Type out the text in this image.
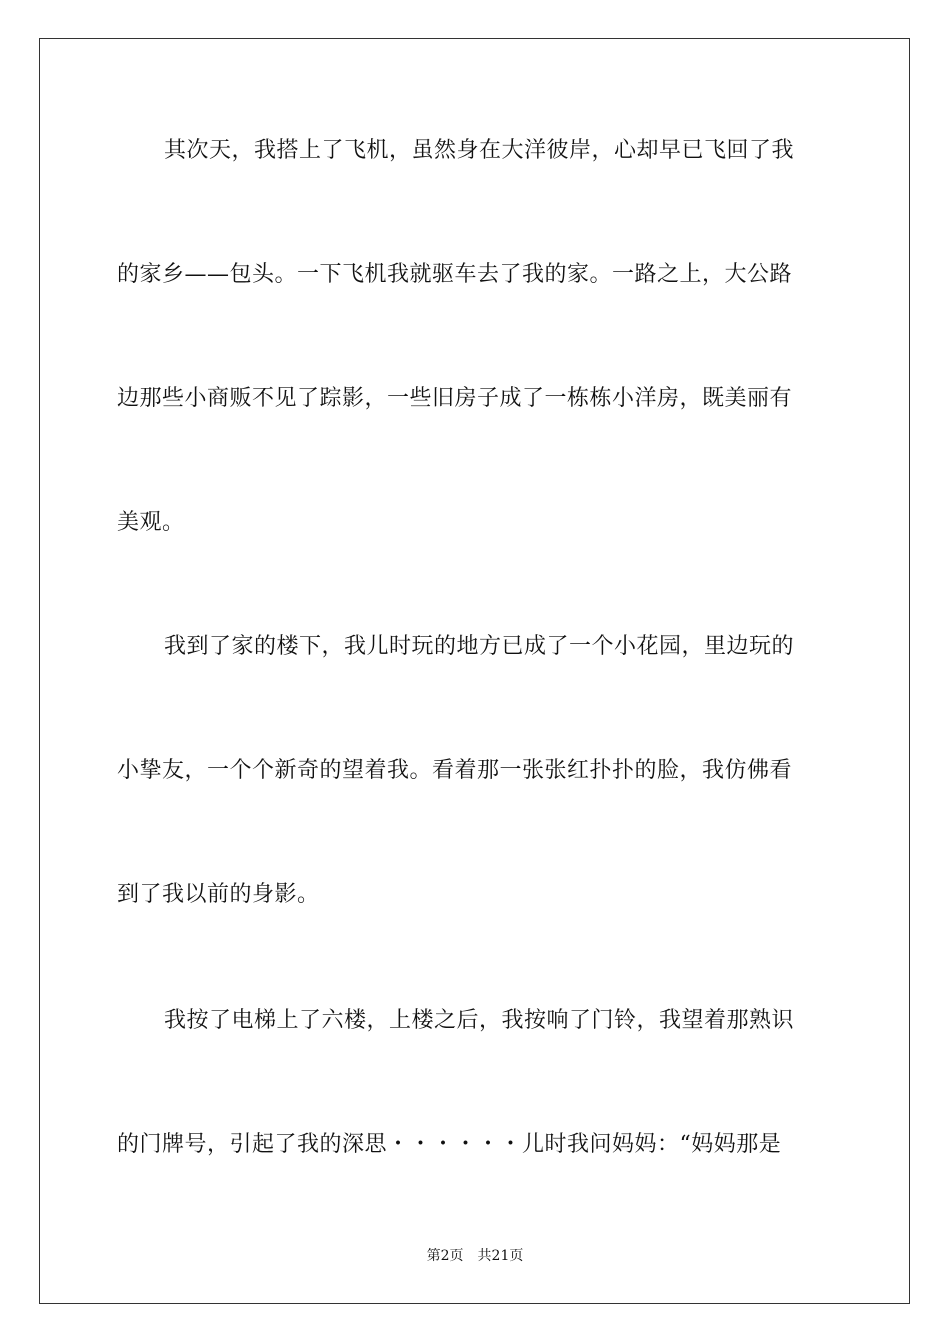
其次天，我搭上了飞机，虽然身在大洋彼岸，心却早已飞回了我
的家乡——包头。一下飞机我就驱车去了我的家。一路之上，大公路
边那些小商贩不见了踪影，一些旧房子成了一栋栋小洋房，既美丽有
美观。
我到了家的楼下，我儿时玩的地方已成了一个小花园，里边玩的
小挚友，一个个新奇的望着我。看着那一张张红扑扑的脸，我仿佛看
到了我以前的身影。
我按了电梯上了六楼，上楼之后，我按响了门铃，我望着那熟识
的门牌号，引起了我的深思・・・・・・儿时我问妈妈：“妈妈那是
第2页 共21页
